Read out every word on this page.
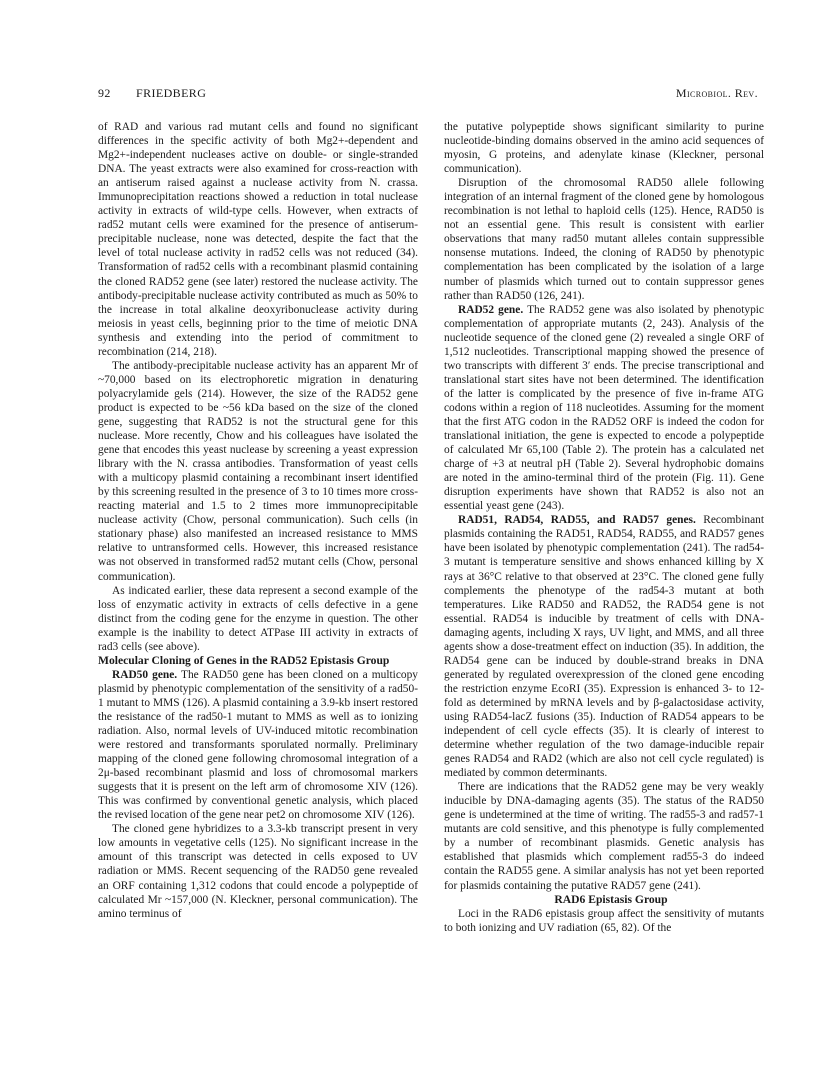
92 FRIEDBERG	Microbiol. Rev.

of RAD and various rad mutant cells and found no significant differences in the specific activity of both Mg2+-dependent and Mg2+-independent nucleases active on double- or single-stranded DNA. The yeast extracts were also examined for cross-reaction with an antiserum raised against a nuclease activity from N. crassa. Immunoprecipitation reactions showed a reduction in total nuclease activity in extracts of wild-type cells. However, when extracts of rad52 mutant cells were examined for the presence of antiserum-precipitable nuclease, none was detected, despite the fact that the level of total nuclease activity in rad52 cells was not reduced (34). Transformation of rad52 cells with a recombinant plasmid containing the cloned RAD52 gene (see later) restored the nuclease activity. The antibody-precipitable nuclease activity contributed as much as 50% to the increase in total alkaline deoxyribonuclease activity during meiosis in yeast cells, beginning prior to the time of meiotic DNA synthesis and extending into the period of commitment to recombination (214, 218).

The antibody-precipitable nuclease activity has an apparent Mr of ~70,000 based on its electrophoretic migration in denaturing polyacrylamide gels (214). However, the size of the RAD52 gene product is expected to be ~56 kDa based on the size of the cloned gene, suggesting that RAD52 is not the structural gene for this nuclease. More recently, Chow and his colleagues have isolated the gene that encodes this yeast nuclease by screening a yeast expression library with the N. crassa antibodies. Transformation of yeast cells with a multicopy plasmid containing a recombinant insert identified by this screening resulted in the presence of 3 to 10 times more cross-reacting material and 1.5 to 2 times more immunoprecipitable nuclease activity (Chow, personal communication). Such cells (in stationary phase) also manifested an increased resistance to MMS relative to untransformed cells. However, this increased resistance was not observed in transformed rad52 mutant cells (Chow, personal communication).

As indicated earlier, these data represent a second example of the loss of enzymatic activity in extracts of cells defective in a gene distinct from the coding gene for the enzyme in question. The other example is the inability to detect ATPase III activity in extracts of rad3 cells (see above).

Molecular Cloning of Genes in the RAD52 Epistasis Group

RAD50 gene. The RAD50 gene has been cloned on a multicopy plasmid by phenotypic complementation of the sensitivity of a rad50-1 mutant to MMS (126). A plasmid containing a 3.9-kb insert restored the resistance of the rad50-1 mutant to MMS as well as to ionizing radiation. Also, normal levels of UV-induced mitotic recombination were restored and transformants sporulated normally. Preliminary mapping of the cloned gene following chromosomal integration of a 2μ-based recombinant plasmid and loss of chromosomal markers suggests that it is present on the left arm of chromosome XIV (126). This was confirmed by conventional genetic analysis, which placed the revised location of the gene near pet2 on chromosome XIV (126).

The cloned gene hybridizes to a 3.3-kb transcript present in very low amounts in vegetative cells (125). No significant increase in the amount of this transcript was detected in cells exposed to UV radiation or MMS. Recent sequencing of the RAD50 gene revealed an ORF containing 1,312 codons that could encode a polypeptide of calculated Mr ~157,000 (N. Kleckner, personal communication). The amino terminus of

the putative polypeptide shows significant similarity to purine nucleotide-binding domains observed in the amino acid sequences of myosin, G proteins, and adenylate kinase (Kleckner, personal communication).

Disruption of the chromosomal RAD50 allele following integration of an internal fragment of the cloned gene by homologous recombination is not lethal to haploid cells (125). Hence, RAD50 is not an essential gene. This result is consistent with earlier observations that many rad50 mutant alleles contain suppressible nonsense mutations. Indeed, the cloning of RAD50 by phenotypic complementation has been complicated by the isolation of a large number of plasmids which turned out to contain suppressor genes rather than RAD50 (126, 241).

RAD52 gene. The RAD52 gene was also isolated by phenotypic complementation of appropriate mutants (2, 243). Analysis of the nucleotide sequence of the cloned gene (2) revealed a single ORF of 1,512 nucleotides. Transcriptional mapping showed the presence of two transcripts with different 3′ ends. The precise transcriptional and translational start sites have not been determined. The identification of the latter is complicated by the presence of five in-frame ATG codons within a region of 118 nucleotides. Assuming for the moment that the first ATG codon in the RAD52 ORF is indeed the codon for translational initiation, the gene is expected to encode a polypeptide of calculated Mr 65,100 (Table 2). The protein has a calculated net charge of +3 at neutral pH (Table 2). Several hydrophobic domains are noted in the amino-terminal third of the protein (Fig. 11). Gene disruption experiments have shown that RAD52 is also not an essential yeast gene (243).

RAD51, RAD54, RAD55, and RAD57 genes. Recombinant plasmids containing the RAD51, RAD54, RAD55, and RAD57 genes have been isolated by phenotypic complementation (241). The rad54-3 mutant is temperature sensitive and shows enhanced killing by X rays at 36°C relative to that observed at 23°C. The cloned gene fully complements the phenotype of the rad54-3 mutant at both temperatures. Like RAD50 and RAD52, the RAD54 gene is not essential. RAD54 is inducible by treatment of cells with DNA-damaging agents, including X rays, UV light, and MMS, and all three agents show a dose-treatment effect on induction (35). In addition, the RAD54 gene can be induced by double-strand breaks in DNA generated by regulated overexpression of the cloned gene encoding the restriction enzyme EcoRI (35). Expression is enhanced 3- to 12-fold as determined by mRNA levels and by β-galactosidase activity, using RAD54-lacZ fusions (35). Induction of RAD54 appears to be independent of cell cycle effects (35). It is clearly of interest to determine whether regulation of the two damage-inducible repair genes RAD54 and RAD2 (which are also not cell cycle regulated) is mediated by common determinants.

There are indications that the RAD52 gene may be very weakly inducible by DNA-damaging agents (35). The status of the RAD50 gene is undetermined at the time of writing. The rad55-3 and rad57-1 mutants are cold sensitive, and this phenotype is fully complemented by a number of recombinant plasmids. Genetic analysis has established that plasmids which complement rad55-3 do indeed contain the RAD55 gene. A similar analysis has not yet been reported for plasmids containing the putative RAD57 gene (241).

RAD6 Epistasis Group

Loci in the RAD6 epistasis group affect the sensitivity of mutants to both ionizing and UV radiation (65, 82). Of the
